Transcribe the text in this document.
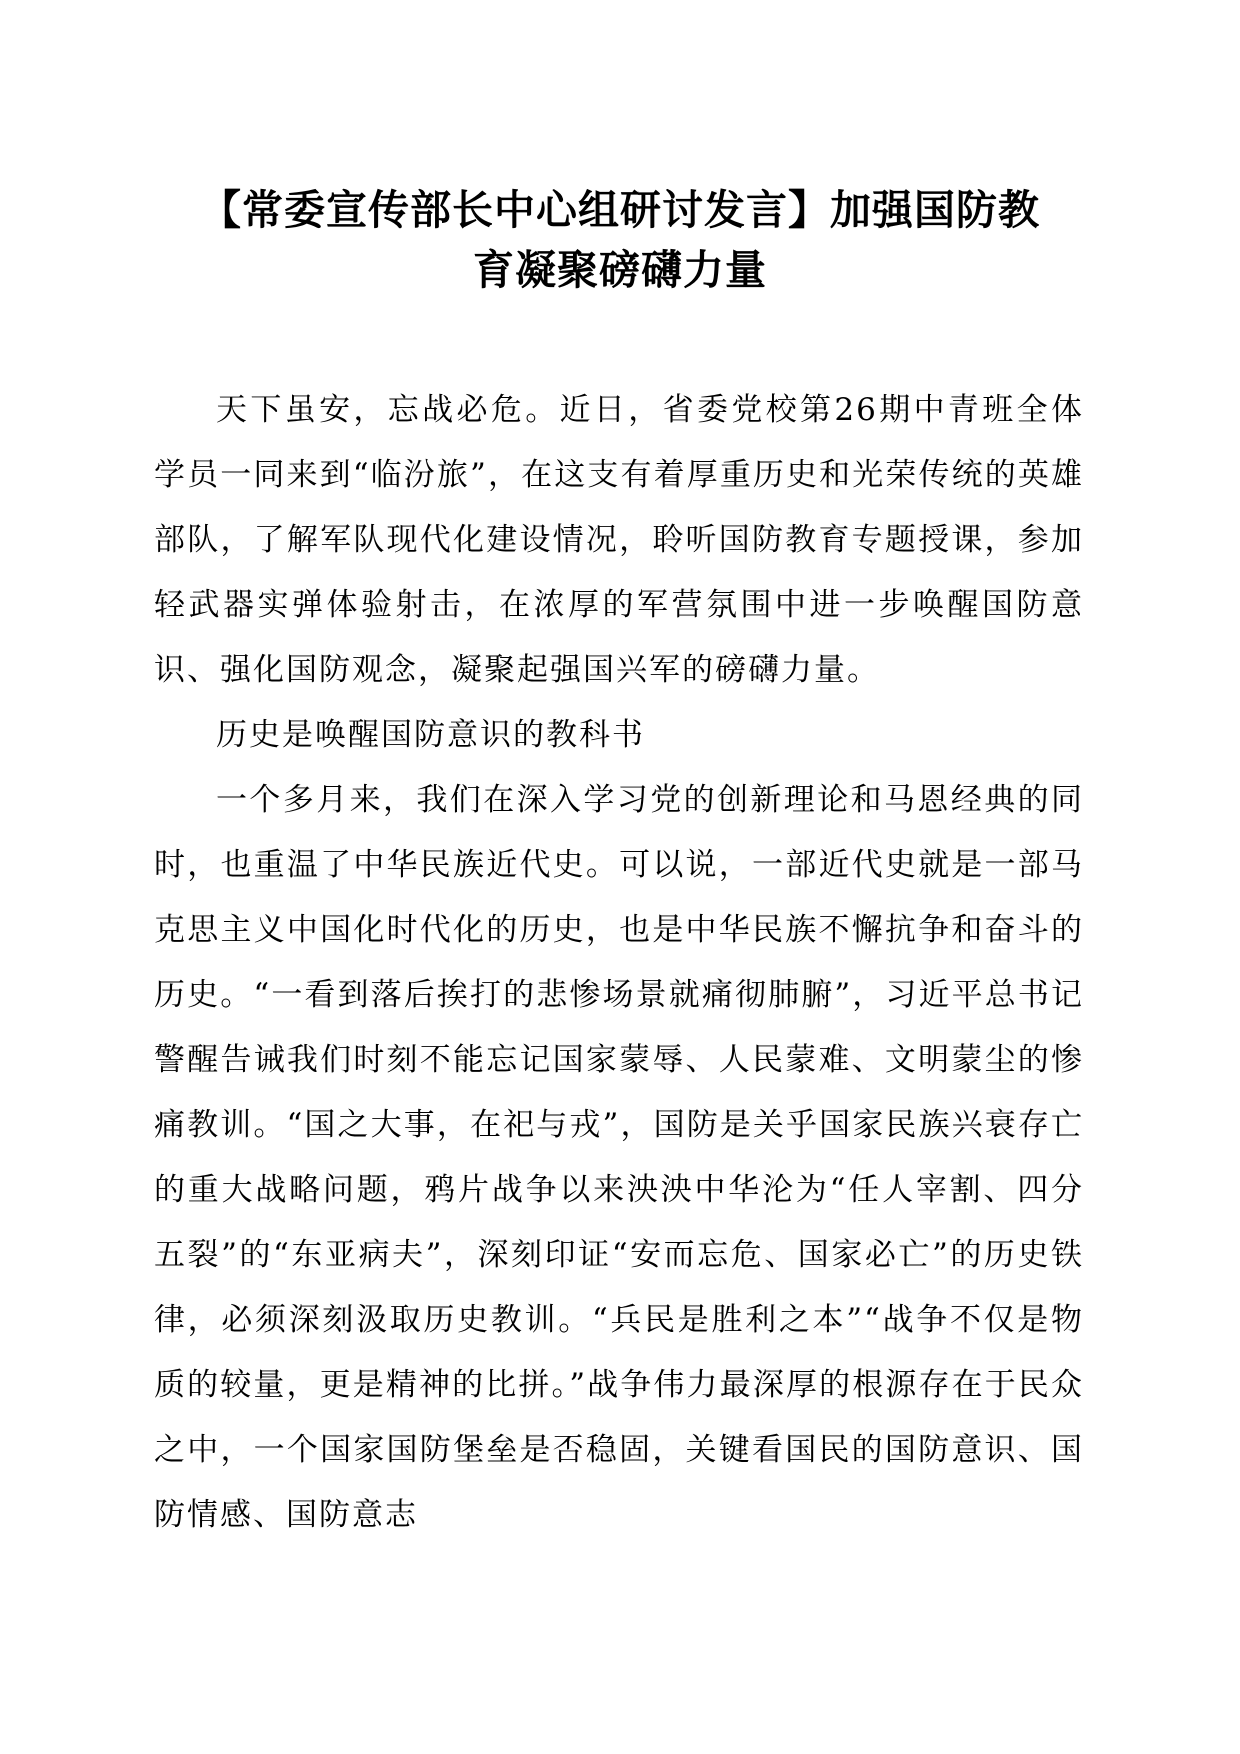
【常委宣传部长中心组研讨发言】加强国防教
育凝聚磅礴力量

天下虽安，忘战必危。近日，省委党校第26期中青班全体学员一同来到“临汾旅”，在这支有着厚重历史和光荣传统的英雄部队，了解军队现代化建设情况，聆听国防教育专题授课，参加轻武器实弹体验射击，在浓厚的军营氛围中进一步唤醒国防意识、强化国防观念，凝聚起强国兴军的磅礴力量。

历史是唤醒国防意识的教科书

一个多月来，我们在深入学习党的创新理论和马恩经典的同时，也重温了中华民族近代史。可以说，一部近代史就是一部马克思主义中国化时代化的历史，也是中华民族不懈抗争和奋斗的历史。“一看到落后挨打的悲惨场景就痛彻肺腑”，习近平总书记警醒告诫我们时刻不能忘记国家蒙辱、人民蒙难、文明蒙尘的惨痛教训。“国之大事，在祀与戎”，国防是关乎国家民族兴衰存亡的重大战略问题，鸦片战争以来泱泱中华沦为“任人宰割、四分五裂”的“东亚病夫”，深刻印证“安而忘危、国家必亡”的历史铁律，必须深刻汲取历史教训。“兵民是胜利之本”“战争不仅是物质的较量，更是精神的比拼。”战争伟力最深厚的根源存在于民众之中，一个国家国防堡垒是否稳固，关键看国民的国防意识、国防情感、国防意志
